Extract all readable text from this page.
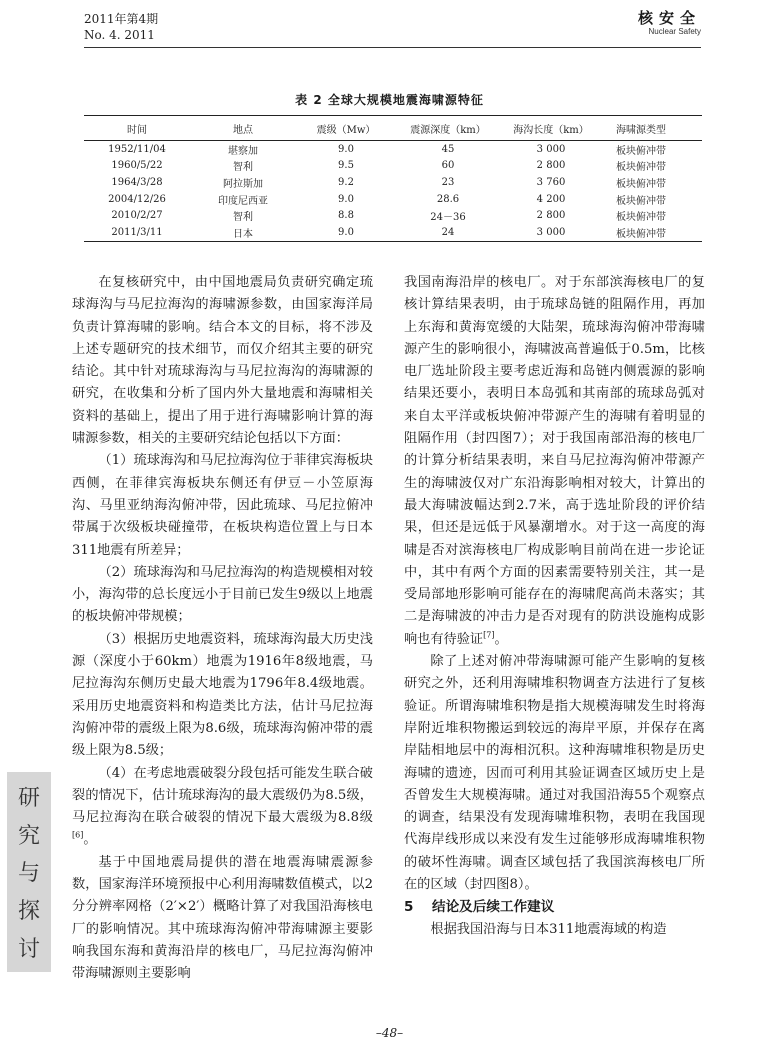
2011年第4期
No. 4. 2011
核安全
Nuclear Safety
表 2 全球大规模地震海啸源特征
时间	地点	震级（Mw）	震源深度（km）	海沟长度（km）	海啸源类型
1952/11/04	堪察加	9.0	45	3 000	板块俯冲带
1960/5/22	智利	9.5	60	2 800	板块俯冲带
1964/3/28	阿拉斯加	9.2	23	3 760	板块俯冲带
2004/12/26	印度尼西亚	9.0	28.6	4 200	板块俯冲带
2010/2/27	智利	8.8	24－36	2 800	板块俯冲带
2011/3/11	日本	9.0	24	3 000	板块俯冲带

在复核研究中，由中国地震局负责研究确定琉球海沟与马尼拉海沟的海啸源参数，由国家海洋局负责计算海啸的影响。结合本文的目标，将不涉及上述专题研究的技术细节，而仅介绍其主要的研究结论。其中针对琉球海沟与马尼拉海沟的海啸源的研究，在收集和分析了国内外大量地震和海啸相关资料的基础上，提出了用于进行海啸影响计算的海啸源参数，相关的主要研究结论包括以下方面：

（1）琉球海沟和马尼拉海沟位于菲律宾海板块西侧，在菲律宾海板块东侧还有伊豆－小笠原海沟、马里亚纳海沟俯冲带，因此琉球、马尼拉俯冲带属于次级板块碰撞带，在板块构造位置上与日本311地震有所差异；

（2）琉球海沟和马尼拉海沟的构造规模相对较小，海沟带的总长度远小于目前已发生9级以上地震的板块俯冲带规模；

（3）根据历史地震资料，琉球海沟最大历史浅源（深度小于60km）地震为1916年8级地震，马尼拉海沟东侧历史最大地震为1796年8.4级地震。采用历史地震资料和构造类比方法，估计马尼拉海沟俯冲带的震级上限为8.6级，琉球海沟俯冲带的震级上限为8.5级；

（4）在考虑地震破裂分段包括可能发生联合破裂的情况下，估计琉球海沟的最大震级仍为8.5级，马尼拉海沟在联合破裂的情况下最大震级为8.8级[6]。

基于中国地震局提供的潜在地震海啸震源参数，国家海洋环境预报中心利用海啸数值模式，以2分分辨率网格（2′×2′）概略计算了对我国沿海核电厂的影响情况。其中琉球海沟俯冲带海啸源主要影响我国东海和黄海沿岸的核电厂，马尼拉海沟俯冲带海啸源则主要影响

我国南海沿岸的核电厂。对于东部滨海核电厂的复核计算结果表明，由于琉球岛链的阻隔作用，再加上东海和黄海宽缓的大陆架，琉球海沟俯冲带海啸源产生的影响很小，海啸波高普遍低于0.5m，比核电厂选址阶段主要考虑近海和岛链内侧震源的影响结果还要小，表明日本岛弧和其南部的琉球岛弧对来自太平洋或板块俯冲带源产生的海啸有着明显的阻隔作用（封四图7）；对于我国南部沿海的核电厂的计算分析结果表明，来自马尼拉海沟俯冲带源产生的海啸波仅对广东沿海影响相对较大，计算出的最大海啸波幅达到2.7米，高于选址阶段的评价结果，但还是远低于风暴潮增水。对于这一高度的海啸是否对滨海核电厂构成影响目前尚在进一步论证中，其中有两个方面的因素需要特别关注，其一是受局部地形影响可能存在的海啸爬高尚未落实；其二是海啸波的冲击力是否对现有的防洪设施构成影响也有待验证[7]。

除了上述对俯冲带海啸源可能产生影响的复核研究之外，还利用海啸堆积物调查方法进行了复核验证。所谓海啸堆积物是指大规模海啸发生时将海岸附近堆积物搬运到较远的海岸平原，并保存在离岸陆相地层中的海相沉积。这种海啸堆积物是历史海啸的遗迹，因而可利用其验证调查区域历史上是否曾发生大规模海啸。通过对我国沿海55个观察点的调查，结果没有发现海啸堆积物，表明在我国现代海岸线形成以来没有发生过能够形成海啸堆积物的破坏性海啸。调查区域包括了我国滨海核电厂所在的区域（封四图8）。

5 结论及后续工作建议

根据我国沿海与日本311地震海域的构造

研
究
与
探
讨
–48–
